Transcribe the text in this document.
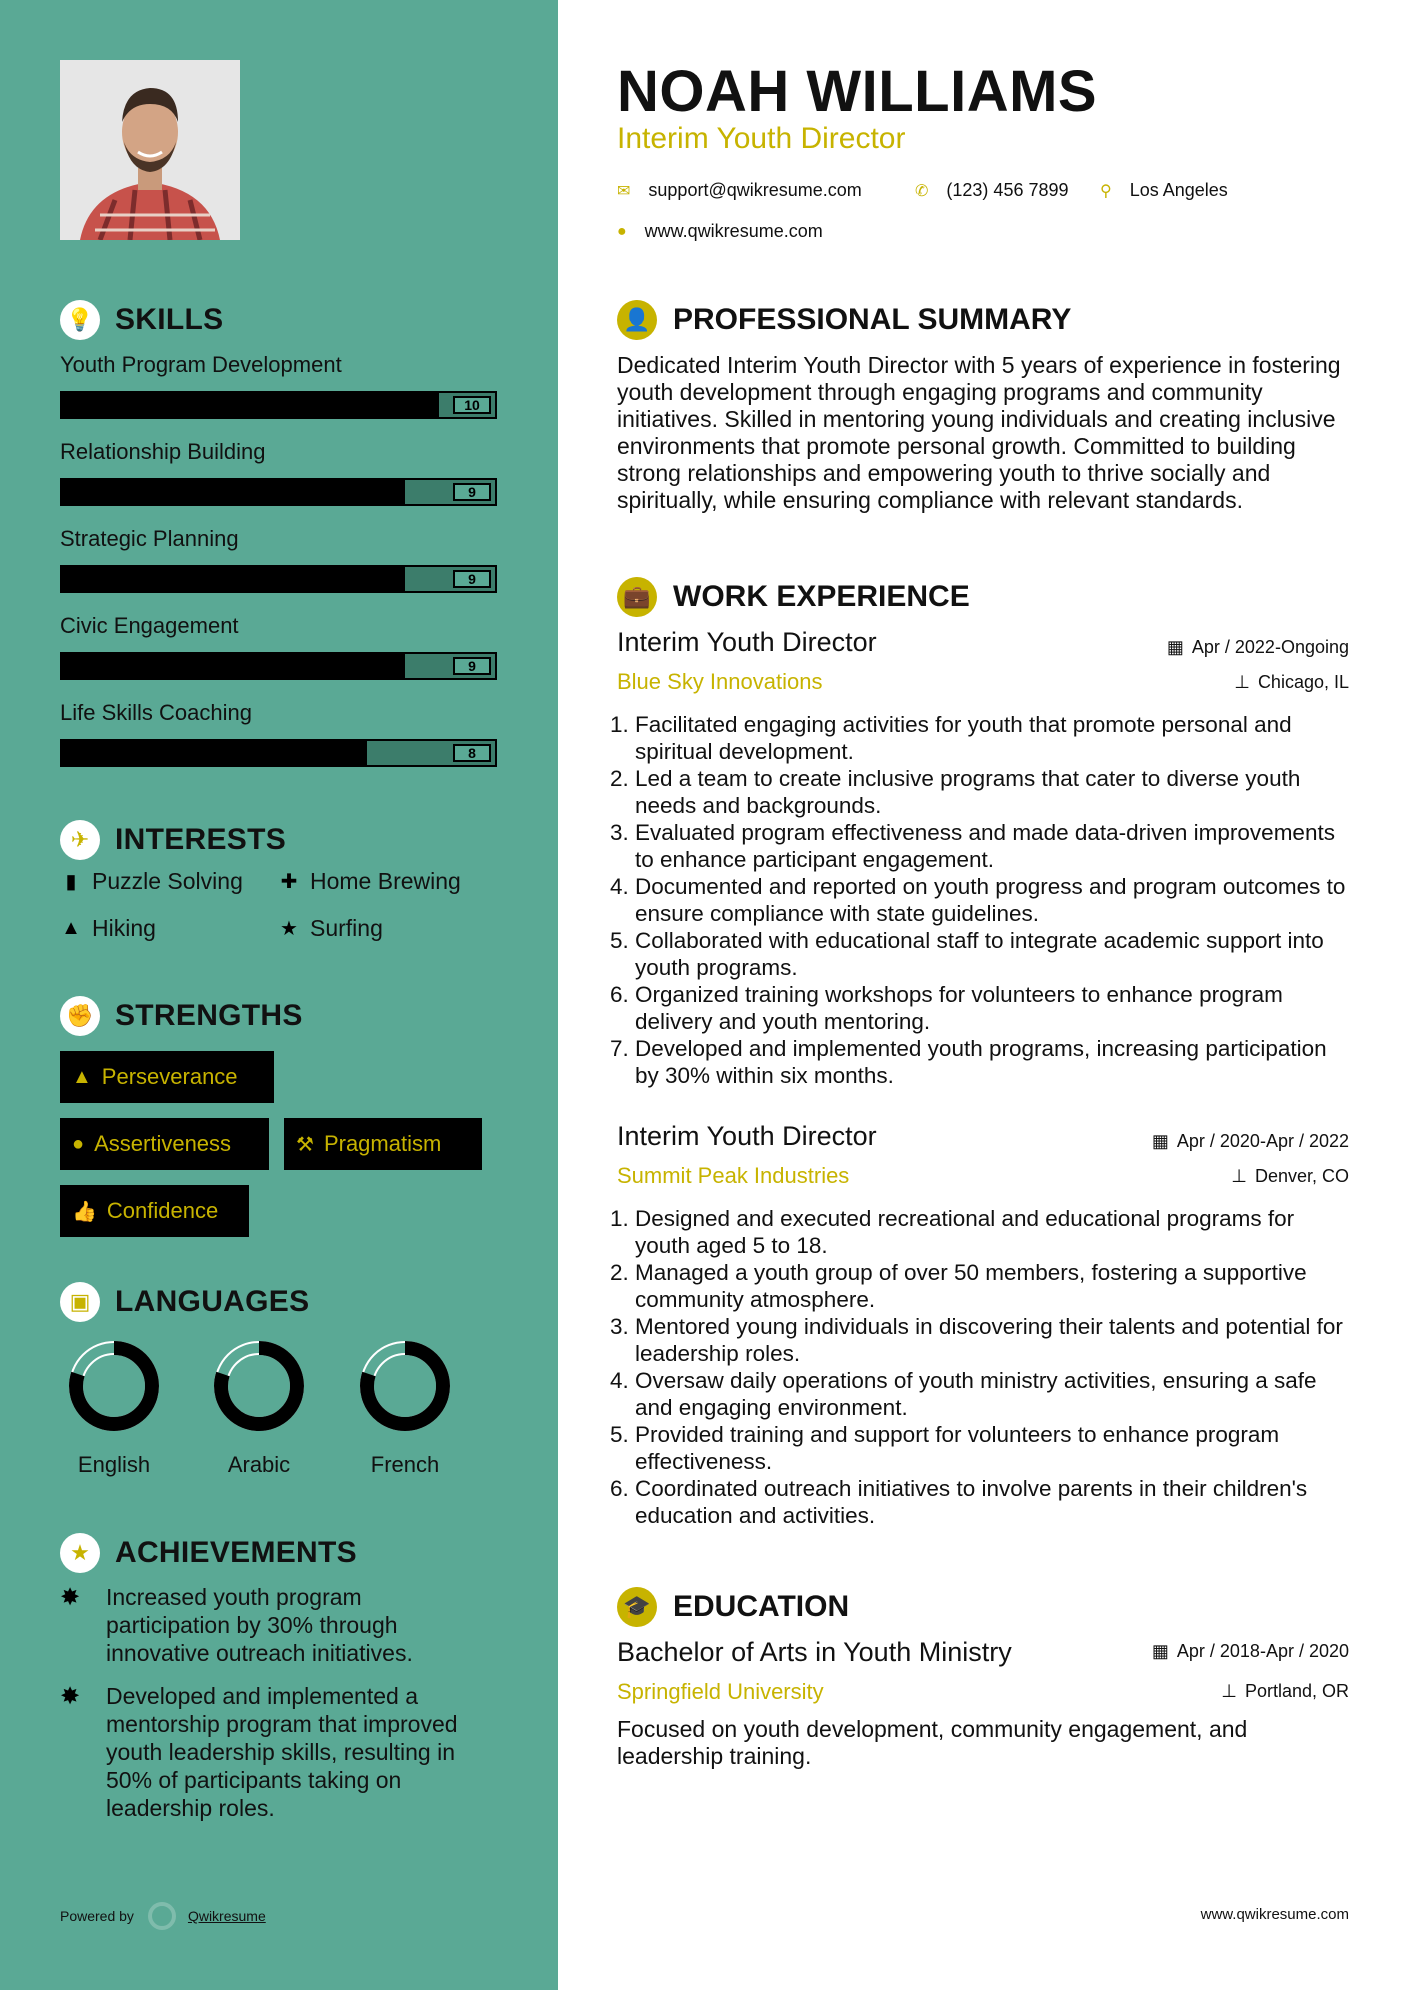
💡 SKILLS
Youth Program Development
10
Relationship Building
9
Strategic Planning
9
Civic Engagement
9
Life Skills Coaching
8
✈ INTERESTS
▮ Puzzle Solving ✚ Home Brewing
▲ Hiking	★ Surfing
✊ STRENGTHS
▲ Perseverance
● Assertiveness	⚒ Pragmatism
👍 Confidence
▣ LANGUAGES
English	Arabic	French
★ ACHIEVEMENTS
✸	Increased youth program participation by 30% through innovative outreach initiatives.
✸	Developed and implemented a mentorship program that improved youth leadership skills, resulting in 50% of participants taking on leadership roles.
Powered by	Qwikresume
NOAH WILLIAMS
Interim Youth Director
✉ support@qwikresume.com	✆ (123) 456 7899 ⚲ Los Angeles
● www.qwikresume.com
👤 PROFESSIONAL SUMMARY
Dedicated Interim Youth Director with 5 years of experience in fostering youth development through engaging programs and community initiatives. Skilled in mentoring young individuals and creating inclusive environments that promote personal growth. Committed to building strong relationships and empowering youth to thrive socially and spiritually, while ensuring compliance with relevant standards.
💼 WORK EXPERIENCE
Interim Youth Director
Blue Sky Innovations
▦ Apr / 2022-Ongoing
⊥ Chicago, IL
1. Facilitated engaging activities for youth that promote personal and spiritual development.
2. Led a team to create inclusive programs that cater to diverse youth needs and backgrounds.
3. Evaluated program effectiveness and made data-driven improvements to enhance participant engagement.
4. Documented and reported on youth progress and program outcomes to ensure compliance with state guidelines.
5. Collaborated with educational staff to integrate academic support into youth programs.
6. Organized training workshops for volunteers to enhance program delivery and youth mentoring.
7. Developed and implemented youth programs, increasing participation by 30% within six months.
Interim Youth Director
Summit Peak Industries
▦ Apr / 2020-Apr / 2022
⊥ Denver, CO
1. Designed and executed recreational and educational programs for youth aged 5 to 18.
2. Managed a youth group of over 50 members, fostering a supportive community atmosphere.
3. Mentored young individuals in discovering their talents and potential for leadership roles.
4. Oversaw daily operations of youth ministry activities, ensuring a safe and engaging environment.
5. Provided training and support for volunteers to enhance program effectiveness.
6. Coordinated outreach initiatives to involve parents in their children's education and activities.
🎓 EDUCATION
Bachelor of Arts in Youth Ministry
Springfield University
▦ Apr / 2018-Apr / 2020
⊥ Portland, OR
Focused on youth development, community engagement, and leadership training.
www.qwikresume.com
